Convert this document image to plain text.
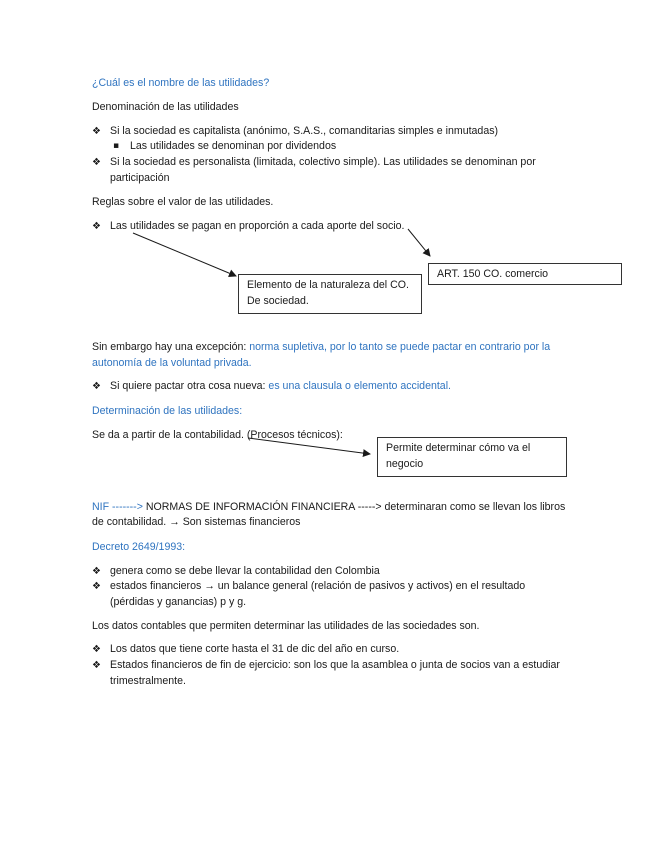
¿Cuál es el nombre de las utilidades?
Denominación de las utilidades
❖ Si la sociedad es capitalista (anónimo, S.A.S., comanditarias simples e inmutadas)
▪ Las utilidades se denominan por dividendos
❖ Si la sociedad es personalista (limitada, colectivo simple). Las utilidades se denominan por
participación
Reglas sobre el valor de las utilidades.
❖ Las utilidades se pagan en proporción a cada aporte del socio.
Elemento de la naturaleza del CO.
De sociedad.
ART. 150 CO. comercio
Sin embargo hay una excepción: norma supletiva, por lo tanto se puede pactar en contrario por la
autonomía de la voluntad privada.
❖ Si quiere pactar otra cosa nueva: es una clausula o elemento accidental.
Determinación de las utilidades:
Se da a partir de la contabilidad. (Procesos técnicos):
Permite determinar cómo va el
negocio
NIF -------> NORMAS DE INFORMACIÓN FINANCIERA -----> determinaran como se llevan los libros
de contabilidad. → Son sistemas financieros
Decreto 2649/1993:
❖ genera como se debe llevar la contabilidad den Colombia
❖ estados financieros → un balance general (relación de pasivos y activos) en el resultado
(pérdidas y ganancias) p y g.
Los datos contables que permiten determinar las utilidades de las sociedades son.
❖ Los datos que tiene corte hasta el 31 de dic del año en curso.
❖ Estados financieros de fin de ejercicio: son los que la asamblea o junta de socios van a estudiar
trimestralmente.
